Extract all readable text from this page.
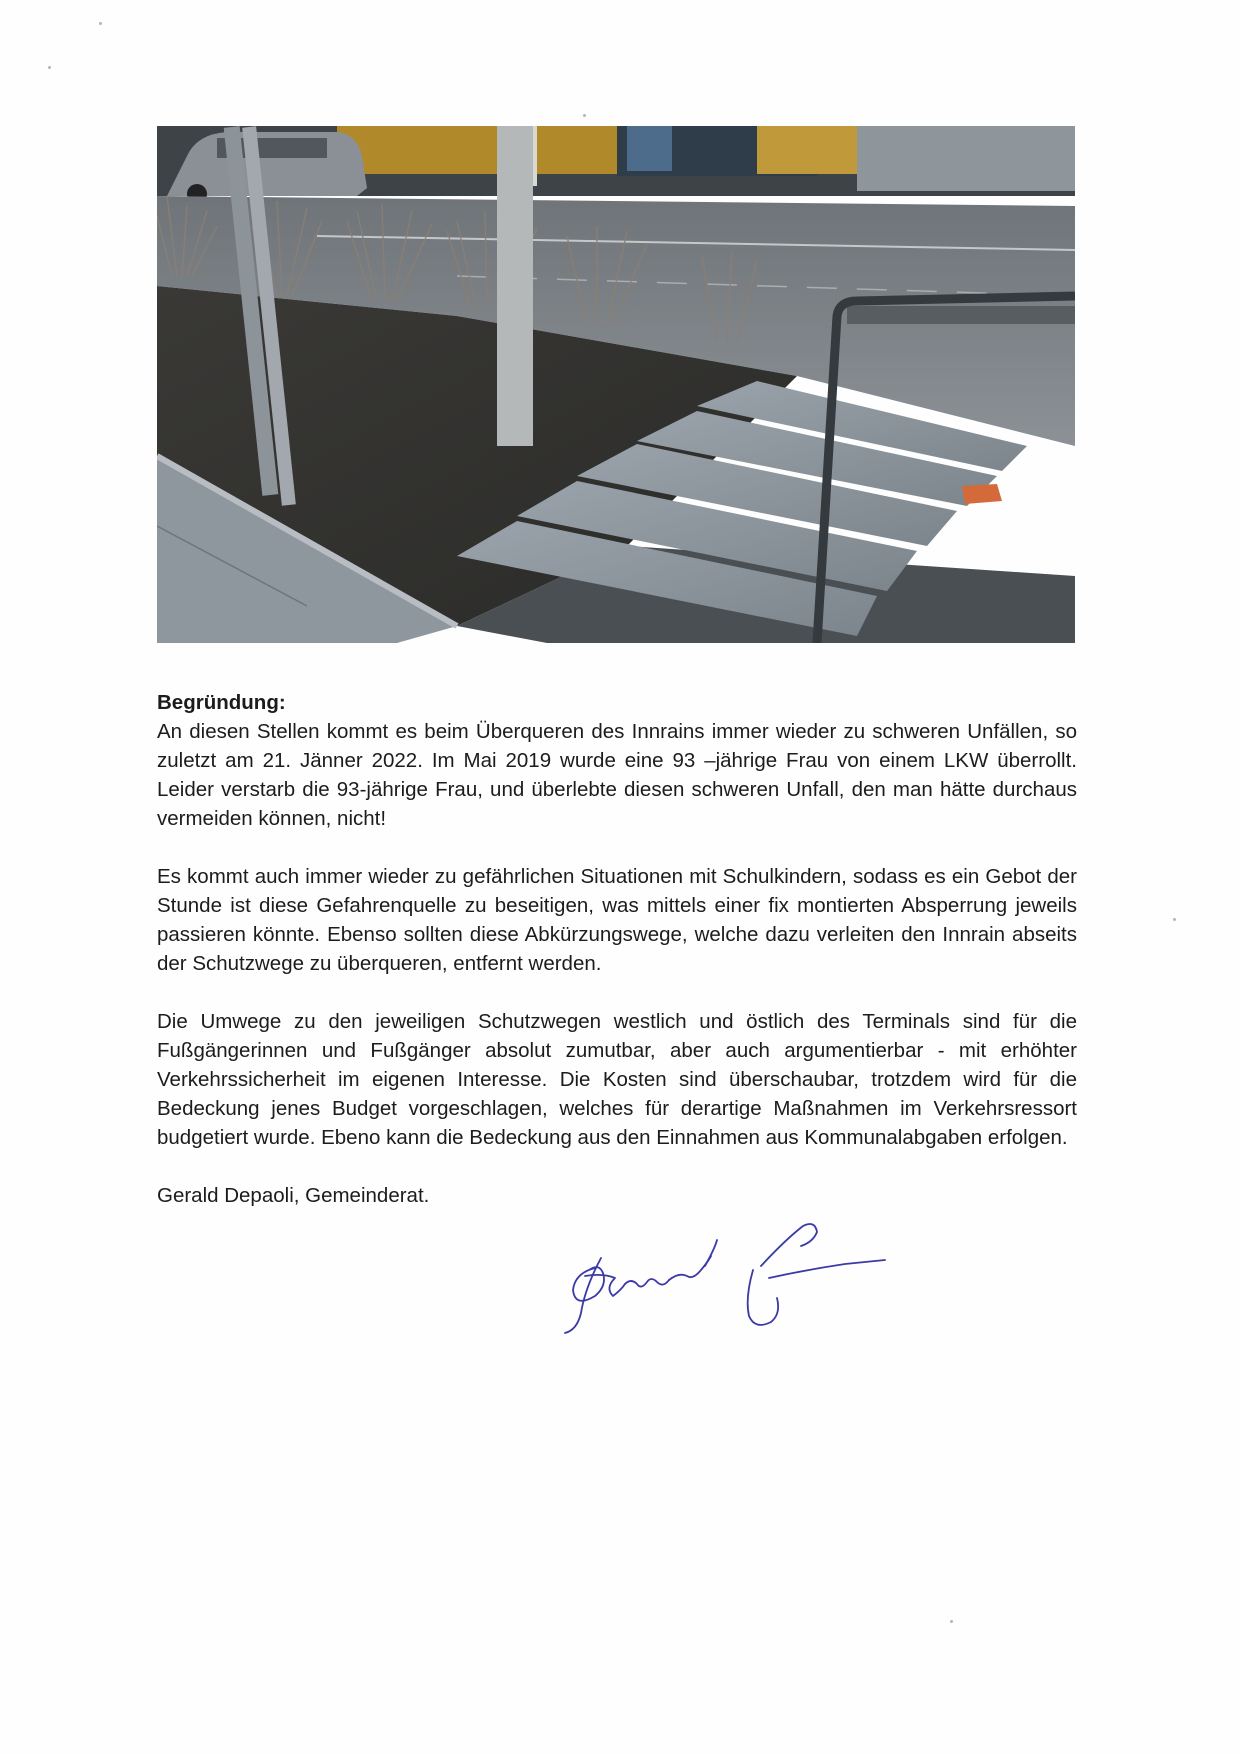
Begründung:

An diesen Stellen kommt es beim Überqueren des Innrains immer wieder zu schweren Unfällen, so zuletzt am 21. Jänner 2022. Im Mai 2019 wurde eine 93 –jährige Frau von einem LKW überrollt. Leider verstarb die 93-jährige Frau, und überlebte diesen schweren Unfall, den man hätte durchaus vermeiden können, nicht!

Es kommt auch immer wieder zu gefährlichen Situationen mit Schulkindern, sodass es ein Gebot der Stunde ist diese Gefahrenquelle zu beseitigen, was mittels einer fix montierten Absperrung jeweils passieren könnte. Ebenso sollten diese Abkürzungswege, welche dazu verleiten den Innrain abseits der Schutzwege zu überqueren, entfernt werden.

Die Umwege zu den jeweiligen Schutzwegen westlich und östlich des Terminals sind für die Fußgängerinnen und Fußgänger absolut zumutbar, aber auch argumentierbar - mit erhöhter Verkehrssicherheit im eigenen Interesse. Die Kosten sind überschaubar, trotzdem wird für die Bedeckung jenes Budget vorgeschlagen, welches für derartige Maßnahmen im Verkehrsressort budgetiert wurde. Ebeno kann die Bedeckung aus den Einnahmen aus Kommunalabgaben erfolgen.

Gerald Depaoli, Gemeinderat.
